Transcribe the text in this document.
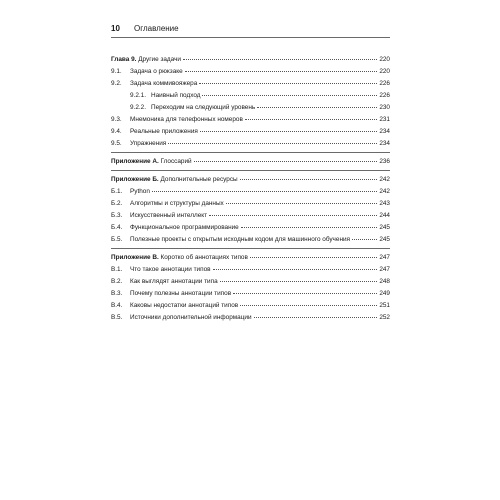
10 Оглавление
Глава 9. Другие задачи	220
9.1.	Задача о рюкзаке	220
9.2.	Задача коммивояжера	226
9.2.1. Наивный подход	226
9.2.2. Переходим на следующий уровень	230
9.3.	Мнемоника для телефонных номеров	231
9.4.	Реальные приложения	234
9.5.	Упражнения	234
Приложение А. Глоссарий	236
Приложение Б. Дополнительные ресурсы	242
Б.1.	Python	242
Б.2.	Алгоритмы и структуры данных	243
Б.3.	Искусственный интеллект	244
Б.4.	Функциональное программирование	245
Б.5.	Полезные проекты с открытым исходным кодом для машинного обучения	245
Приложение В. Коротко об аннотациях типов	247
В.1.	Что такое аннотации типов	247
В.2.	Как выглядят аннотации типа	248
В.3.	Почему полезны аннотации типов	249
В.4.	Каковы недостатки аннотаций типов	251
В.5.	Источники дополнительной информации	252
